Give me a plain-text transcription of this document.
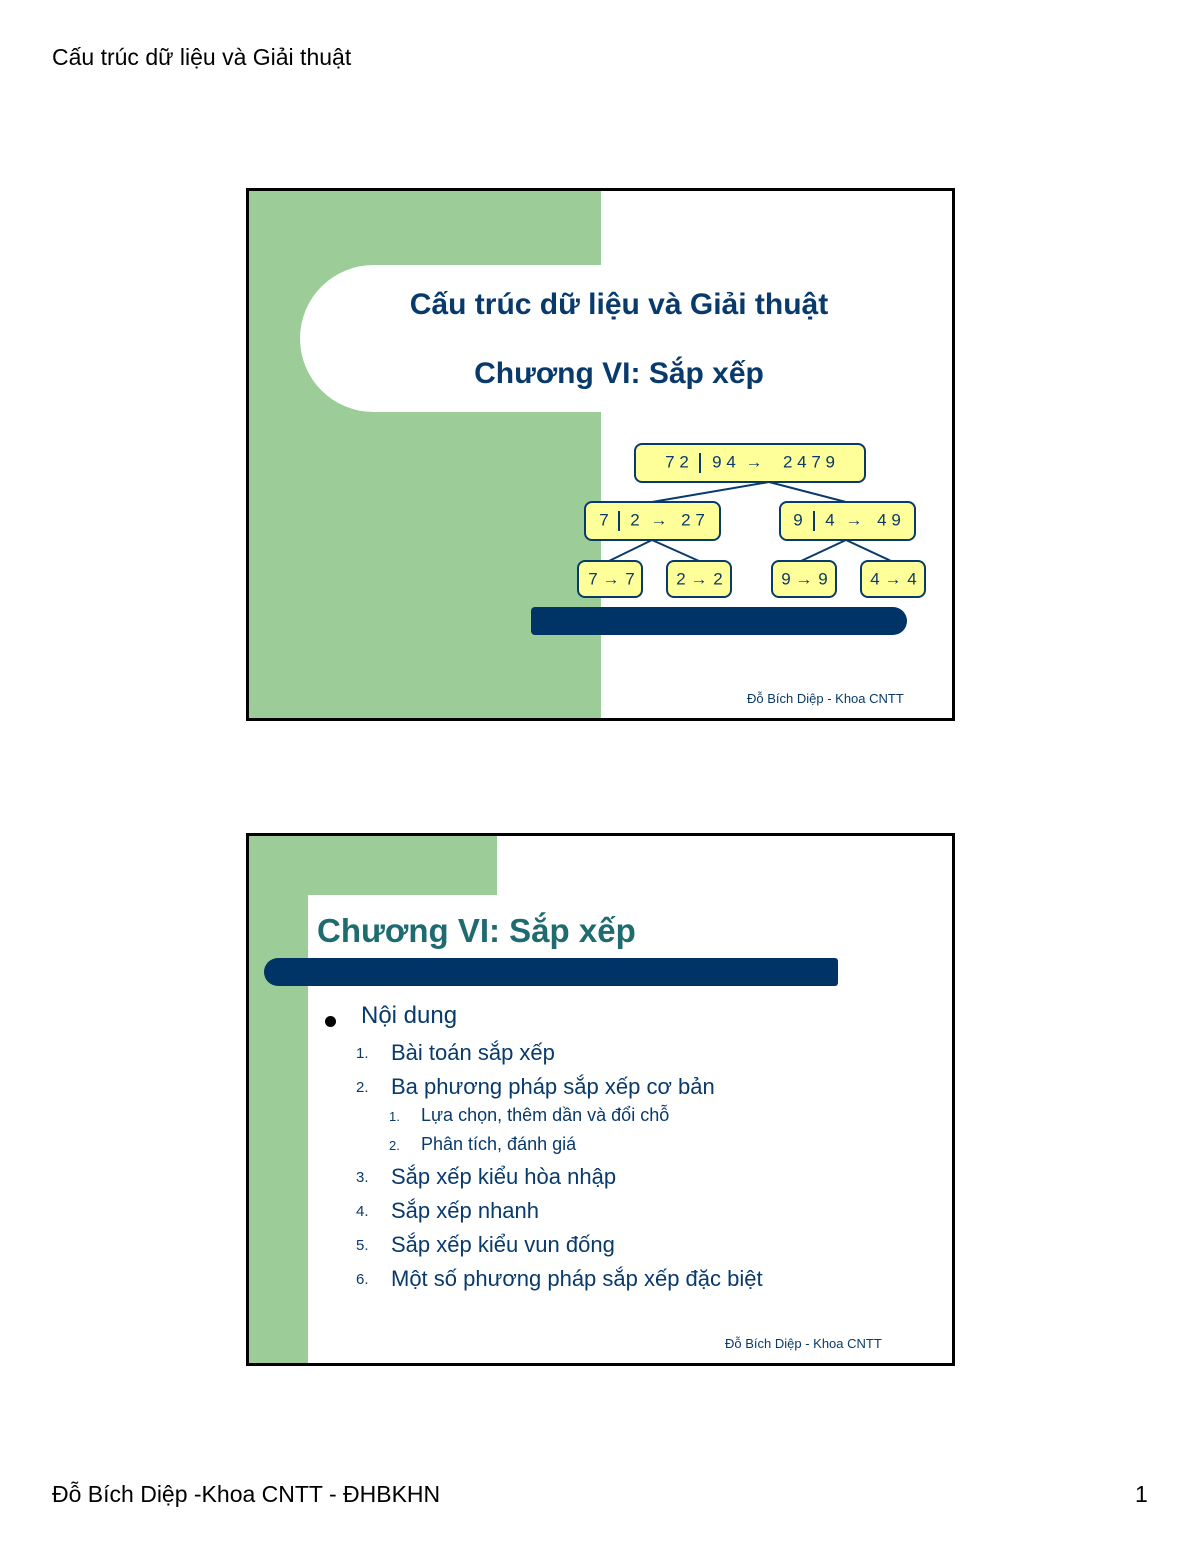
Cấu trúc dữ liệu và Giải thuật
Cấu trúc dữ liệu và Giải thuật
Chương VI: Sắp xếp
7 2 9 4 → 2 4 7 9
7 2 → 2 7	9 4 → 4 9
7 → 7 2 → 2	9 → 9	4 → 4
Đỗ Bích Diệp - Khoa CNTT
Chương VI: Sắp xếp
Nội dung
1.	Bài toán sắp xếp
2.	Ba phương pháp sắp xếp cơ bản
1. Lựa chọn, thêm dần và đổi chỗ
2. Phân tích, đánh giá
3.	Sắp xếp kiểu hòa nhập
4.	Sắp xếp nhanh
5.	Sắp xếp kiểu vun đống
6.	Một số phương pháp sắp xếp đặc biệt
Đỗ Bích Diệp - Khoa CNTT
Đỗ Bích Diệp -Khoa CNTT - ĐHBKHN	1
